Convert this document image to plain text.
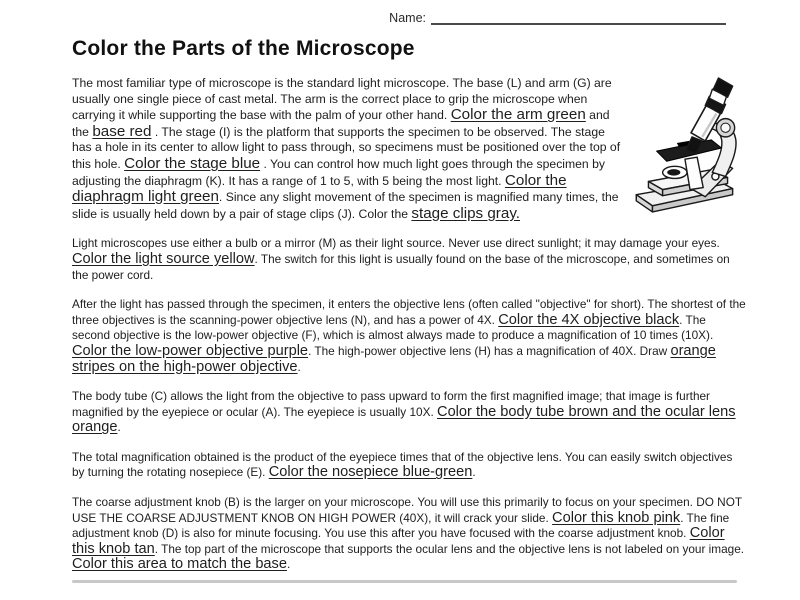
Name:
Color the Parts of the Microscope

The most familiar type of microscope is the standard light microscope. The base (L) and arm (G) are usually one single piece of cast metal. The arm is the correct place to grip the microscope when carrying it while supporting the base with the palm of your other hand. Color the arm green and the base red . The stage (I) is the platform that supports the specimen to be observed. The stage has a hole in its center to allow light to pass through, so specimens must be positioned over the top of this hole. Color the stage blue . You can control how much light goes through the specimen by adjusting the diaphragm (K). It has a range of 1 to 5, with 5 being the most light. Color the diaphragm light green. Since any slight movement of the specimen is magnified many times, the slide is usually held down by a pair of stage clips (J). Color the stage clips gray.

Light microscopes use either a bulb or a mirror (M) as their light source. Never use direct sunlight; it may damage your eyes. Color the light source yellow. The switch for this light is usually found on the base of the microscope, and sometimes on the power cord.

After the light has passed through the specimen, it enters the objective lens (often called "objective" for short). The shortest of the three objectives is the scanning-power objective lens (N), and has a power of 4X. Color the 4X objective black. The second objective is the low-power objective (F), which is almost always made to produce a magnification of 10 times (10X). Color the low-power objective purple. The high-power objective lens (H) has a magnification of 40X. Draw orange stripes on the high-power objective.

The body tube (C) allows the light from the objective to pass upward to form the first magnified image; that image is further magnified by the eyepiece or ocular (A). The eyepiece is usually 10X. Color the body tube brown and the ocular lens orange.

The total magnification obtained is the product of the eyepiece times that of the objective lens. You can easily switch objectives by turning the rotating nosepiece (E). Color the nosepiece blue-green.

The coarse adjustment knob (B) is the larger on your microscope. You will use this primarily to focus on your specimen. DO NOT USE THE COARSE ADJUSTMENT KNOB ON HIGH POWER (40X), it will crack your slide. Color this knob pink. The fine adjustment knob (D) is also for minute focusing. You use this after you have focused with the coarse adjustment knob. Color this knob tan. The top part of the microscope that supports the ocular lens and the objective lens is not labeled on your image. Color this area to match the base.
